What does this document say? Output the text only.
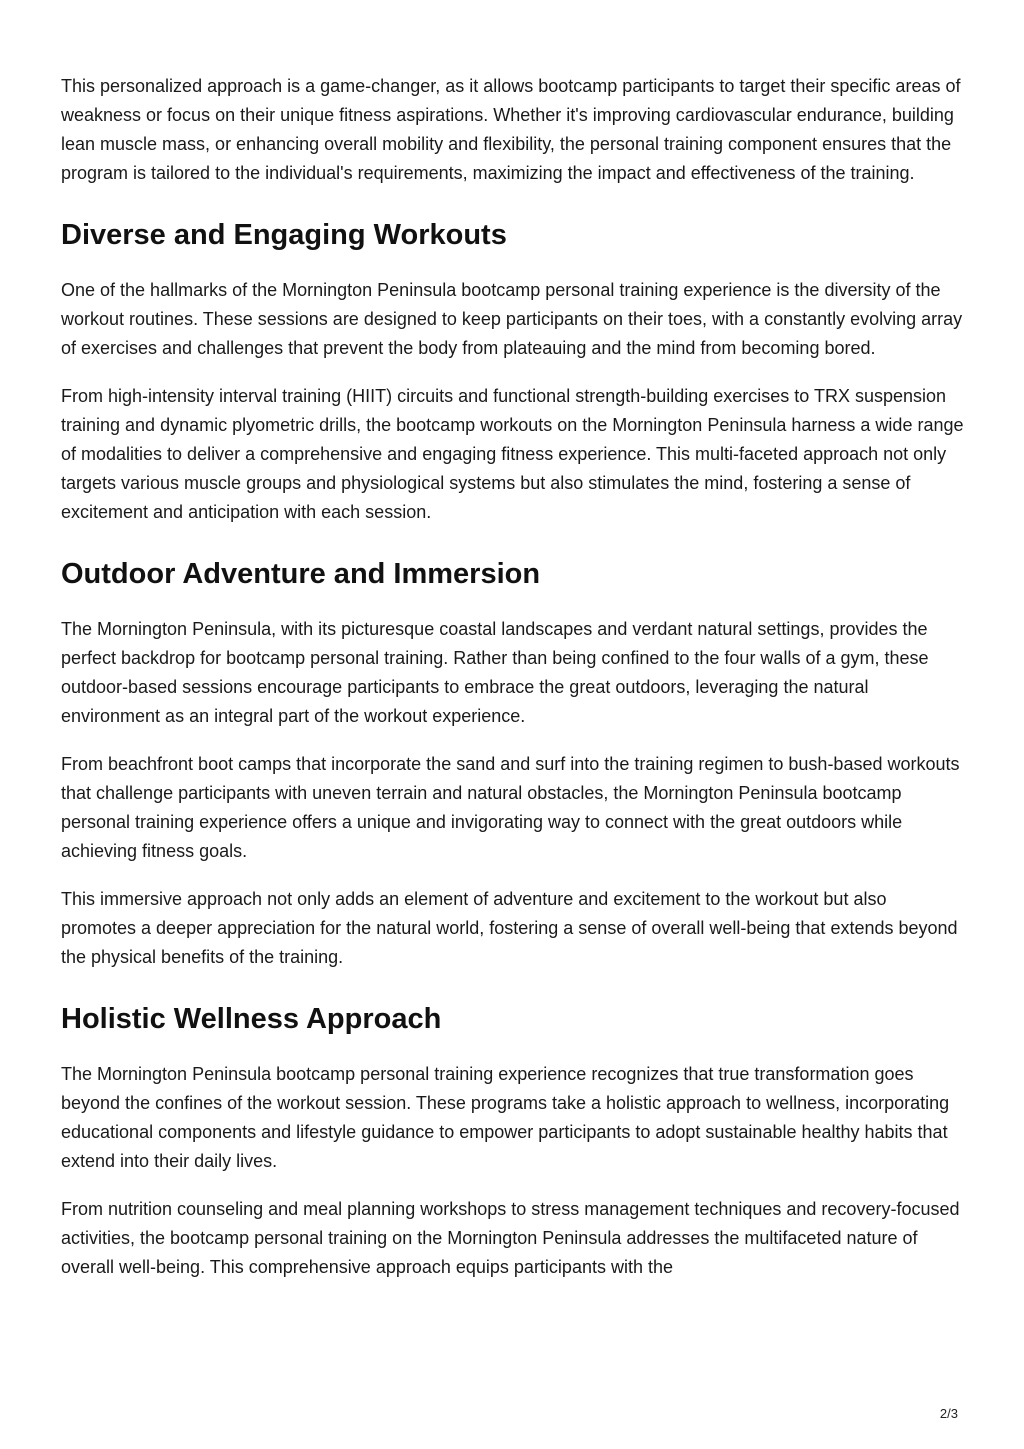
This personalized approach is a game-changer, as it allows bootcamp participants to target their specific areas of weakness or focus on their unique fitness aspirations. Whether it's improving cardiovascular endurance, building lean muscle mass, or enhancing overall mobility and flexibility, the personal training component ensures that the program is tailored to the individual's requirements, maximizing the impact and effectiveness of the training.

Diverse and Engaging Workouts

One of the hallmarks of the Mornington Peninsula bootcamp personal training experience is the diversity of the workout routines. These sessions are designed to keep participants on their toes, with a constantly evolving array of exercises and challenges that prevent the body from plateauing and the mind from becoming bored.

From high-intensity interval training (HIIT) circuits and functional strength-building exercises to TRX suspension training and dynamic plyometric drills, the bootcamp workouts on the Mornington Peninsula harness a wide range of modalities to deliver a comprehensive and engaging fitness experience. This multi-faceted approach not only targets various muscle groups and physiological systems but also stimulates the mind, fostering a sense of excitement and anticipation with each session.

Outdoor Adventure and Immersion

The Mornington Peninsula, with its picturesque coastal landscapes and verdant natural settings, provides the perfect backdrop for bootcamp personal training. Rather than being confined to the four walls of a gym, these outdoor-based sessions encourage participants to embrace the great outdoors, leveraging the natural environment as an integral part of the workout experience.

From beachfront boot camps that incorporate the sand and surf into the training regimen to bush-based workouts that challenge participants with uneven terrain and natural obstacles, the Mornington Peninsula bootcamp personal training experience offers a unique and invigorating way to connect with the great outdoors while achieving fitness goals.

This immersive approach not only adds an element of adventure and excitement to the workout but also promotes a deeper appreciation for the natural world, fostering a sense of overall well-being that extends beyond the physical benefits of the training.

Holistic Wellness Approach

The Mornington Peninsula bootcamp personal training experience recognizes that true transformation goes beyond the confines of the workout session. These programs take a holistic approach to wellness, incorporating educational components and lifestyle guidance to empower participants to adopt sustainable healthy habits that extend into their daily lives.

From nutrition counseling and meal planning workshops to stress management techniques and recovery-focused activities, the bootcamp personal training on the Mornington Peninsula addresses the multifaceted nature of overall well-being. This comprehensive approach equips participants with the

2/3
